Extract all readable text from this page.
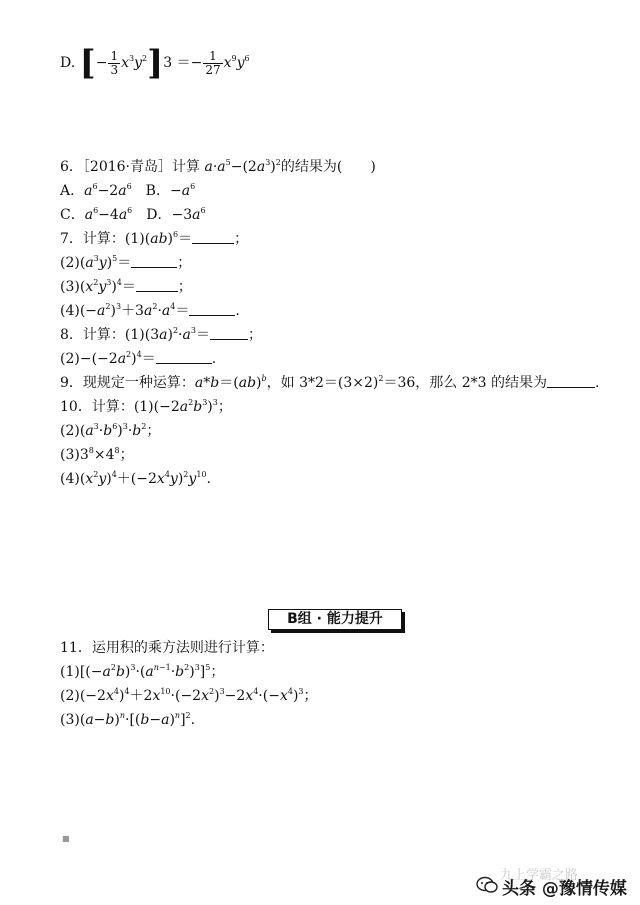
D. [− $\frac{1}{3} x^3y^2]3 =- \frac{1}{27} x^9y^6$
6．［2016·青岛］计算 $a\cdot a^5-(2a^3)^2$的结果为(　　)
A．$a^6-2a^6$　 B．$-a^6$
C．$a^6-4a^6$　 D．$-3a^6$
7．计算：(1)(ab)$^6$＝	；
$(2)(a^3y)^5=$	；
$(3)(x^2y^3)^4=$	；
$(4)(-a^2)^3+3a^2\cdot a^4=$	.
8．计算：$(1)(3a)^2\cdot a^3=$	；
$(2)-(-2a^2)^4=$	.
9．现规定一种运算：a*b＝(ab)$^b$，如 $3*2=(3\times 2)^2=36$，那么 2*3 的结果为	.
10．计算：$(1)(-2a^2b^3)^3$；
$(2)(a^3\cdot b^6)^3\cdot b^2$；
$(3)3^8\times 4^8$；
$(4)(x^2y)^4+(-2x^4y)^2y^{10}$.
B组 · 能力提升
11．运用积的乘方法则进行计算：
$(1)[(-a^2b)^3\cdot(a^{n-1}\cdot b^2)^3]^5$；
$(2)(-2x^4)^4+2x^{10}\cdot(-2x^2)^3-2x^4\cdot(-x^4)^3$；
$(3)(a-b)^n\cdot[(b-a)^n]^2$.
■
九上学霸之路
头条 @豫情传媒
